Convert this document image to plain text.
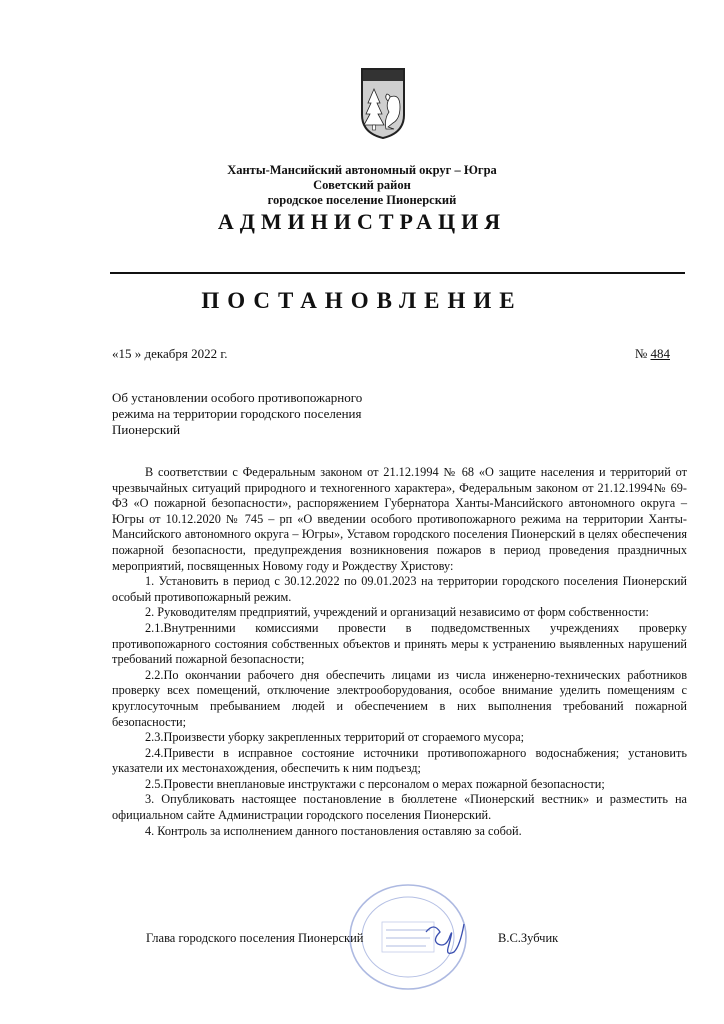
Ханты-Мансийский автономный округ – Югра
Советский район
городское поселение Пионерский
АДМИНИСТРАЦИЯ
ПОСТАНОВЛЕНИЕ
«15 » декабря 2022 г.	№ 484
Об установлении особого противопожарного
режима на территории городского поселения
Пионерский

В соответствии с Федеральным законом от 21.12.1994 № 68 «О защите населения и территорий от чрезвычайных ситуаций природного и техногенного характера», Федеральным законом от 21.12.1994№ 69-ФЗ «О пожарной безопасности», распоряжением Губернатора Ханты-Мансийского автономного округа – Югры от 10.12.2020 № 745 – рп «О введении особого противопожарного режима на территории Ханты-Мансийского автономного округа – Югры», Уставом городского поселения Пионерский в целях обеспечения пожарной безопасности, предупреждения возникновения пожаров в период проведения праздничных мероприятий, посвященных Новому году и Рождеству Христову:

1. Установить в период с 30.12.2022 по 09.01.2023 на территории городского поселения Пионерский особый противопожарный режим.

2. Руководителям предприятий, учреждений и организаций независимо от форм собственности:

2.1.Внутренними комиссиями провести в подведомственных учреждениях проверку противопожарного состояния собственных объектов и принять меры к устранению выявленных нарушений требований пожарной безопасности;

2.2.По окончании рабочего дня обеспечить лицами из числа инженерно-технических работников проверку всех помещений, отключение электрооборудования, особое внимание уделить помещениям с круглосуточным пребыванием людей и обеспечением в них выполнения требований пожарной безопасности;

2.3.Произвести уборку закрепленных территорий от сгораемого мусора;

2.4.Привести в исправное состояние источники противопожарного водоснабжения; установить указатели их местонахождения, обеспечить к ним подъезд;

2.5.Провести внеплановые инструктажи с персоналом о мерах пожарной безопасности;

3. Опубликовать настоящее постановление в бюллетене «Пионерский вестник» и разместить на официальном сайте Администрации городского поселения Пионерский.

4. Контроль за исполнением данного постановления оставляю за собой.

Глава городского поселения Пионерский	В.С.Зубчик
